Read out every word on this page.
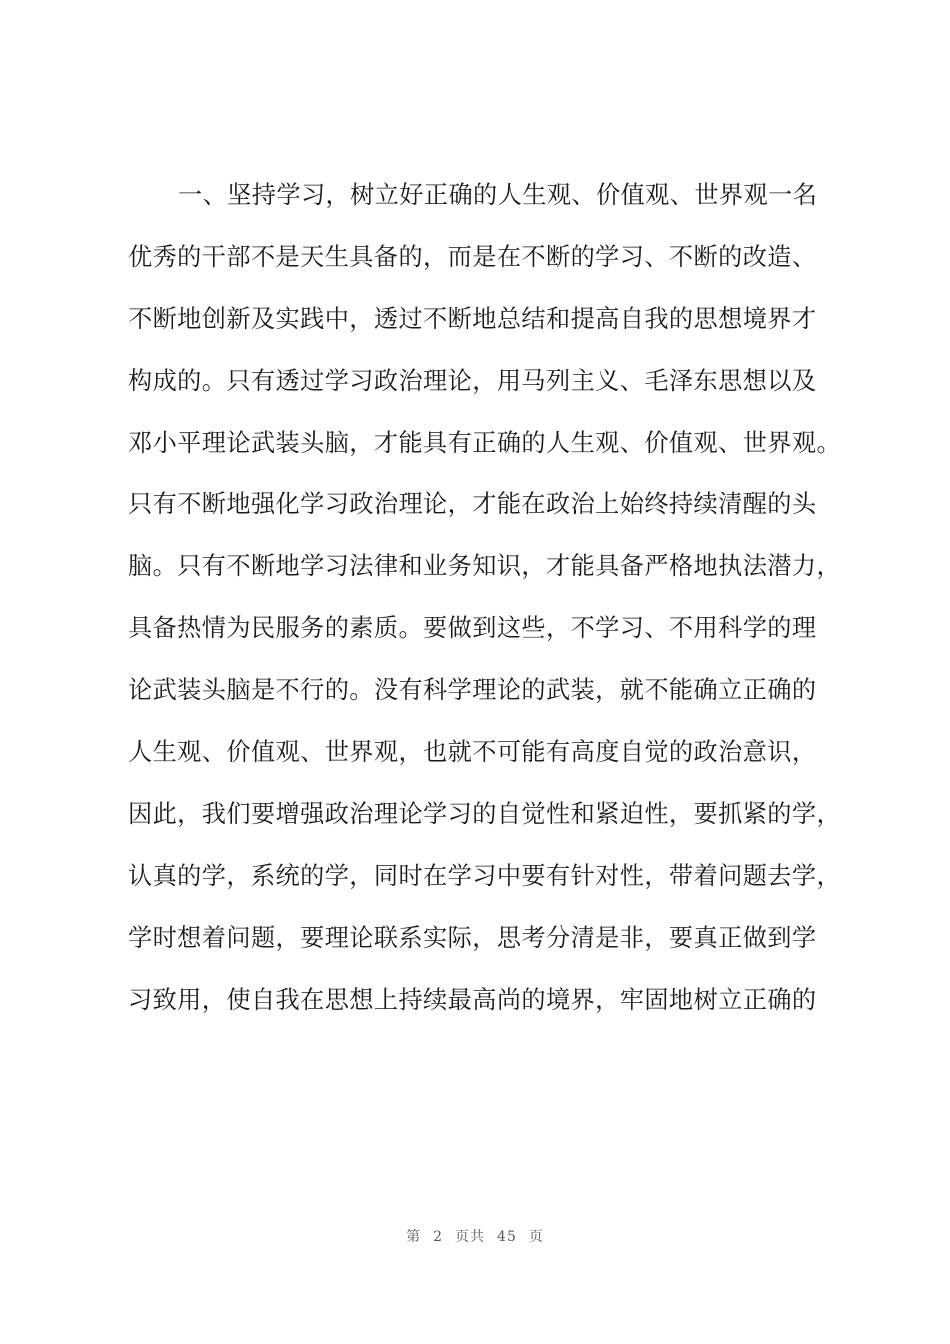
一、坚持学习，树立好正确的人生观、价值观、世界观一名
优秀的干部不是天生具备的，而是在不断的学习、不断的改造、
不断地创新及实践中，透过不断地总结和提高自我的思想境界才
构成的。只有透过学习政治理论，用马列主义、毛泽东思想以及
邓小平理论武装头脑，才能具有正确的人生观、价值观、世界观。
只有不断地强化学习政治理论，才能在政治上始终持续清醒的头
脑。只有不断地学习法律和业务知识，才能具备严格地执法潜力，
具备热情为民服务的素质。要做到这些，不学习、不用科学的理
论武装头脑是不行的。没有科学理论的武装，就不能确立正确的
人生观、价值观、世界观，也就不可能有高度自觉的政治意识，
因此，我们要增强政治理论学习的自觉性和紧迫性，要抓紧的学，
认真的学，系统的学，同时在学习中要有针对性，带着问题去学，
学时想着问题，要理论联系实际，思考分清是非，要真正做到学
习致用，使自我在思想上持续最高尚的境界，牢固地树立正确的
第 2 页共 45 页
